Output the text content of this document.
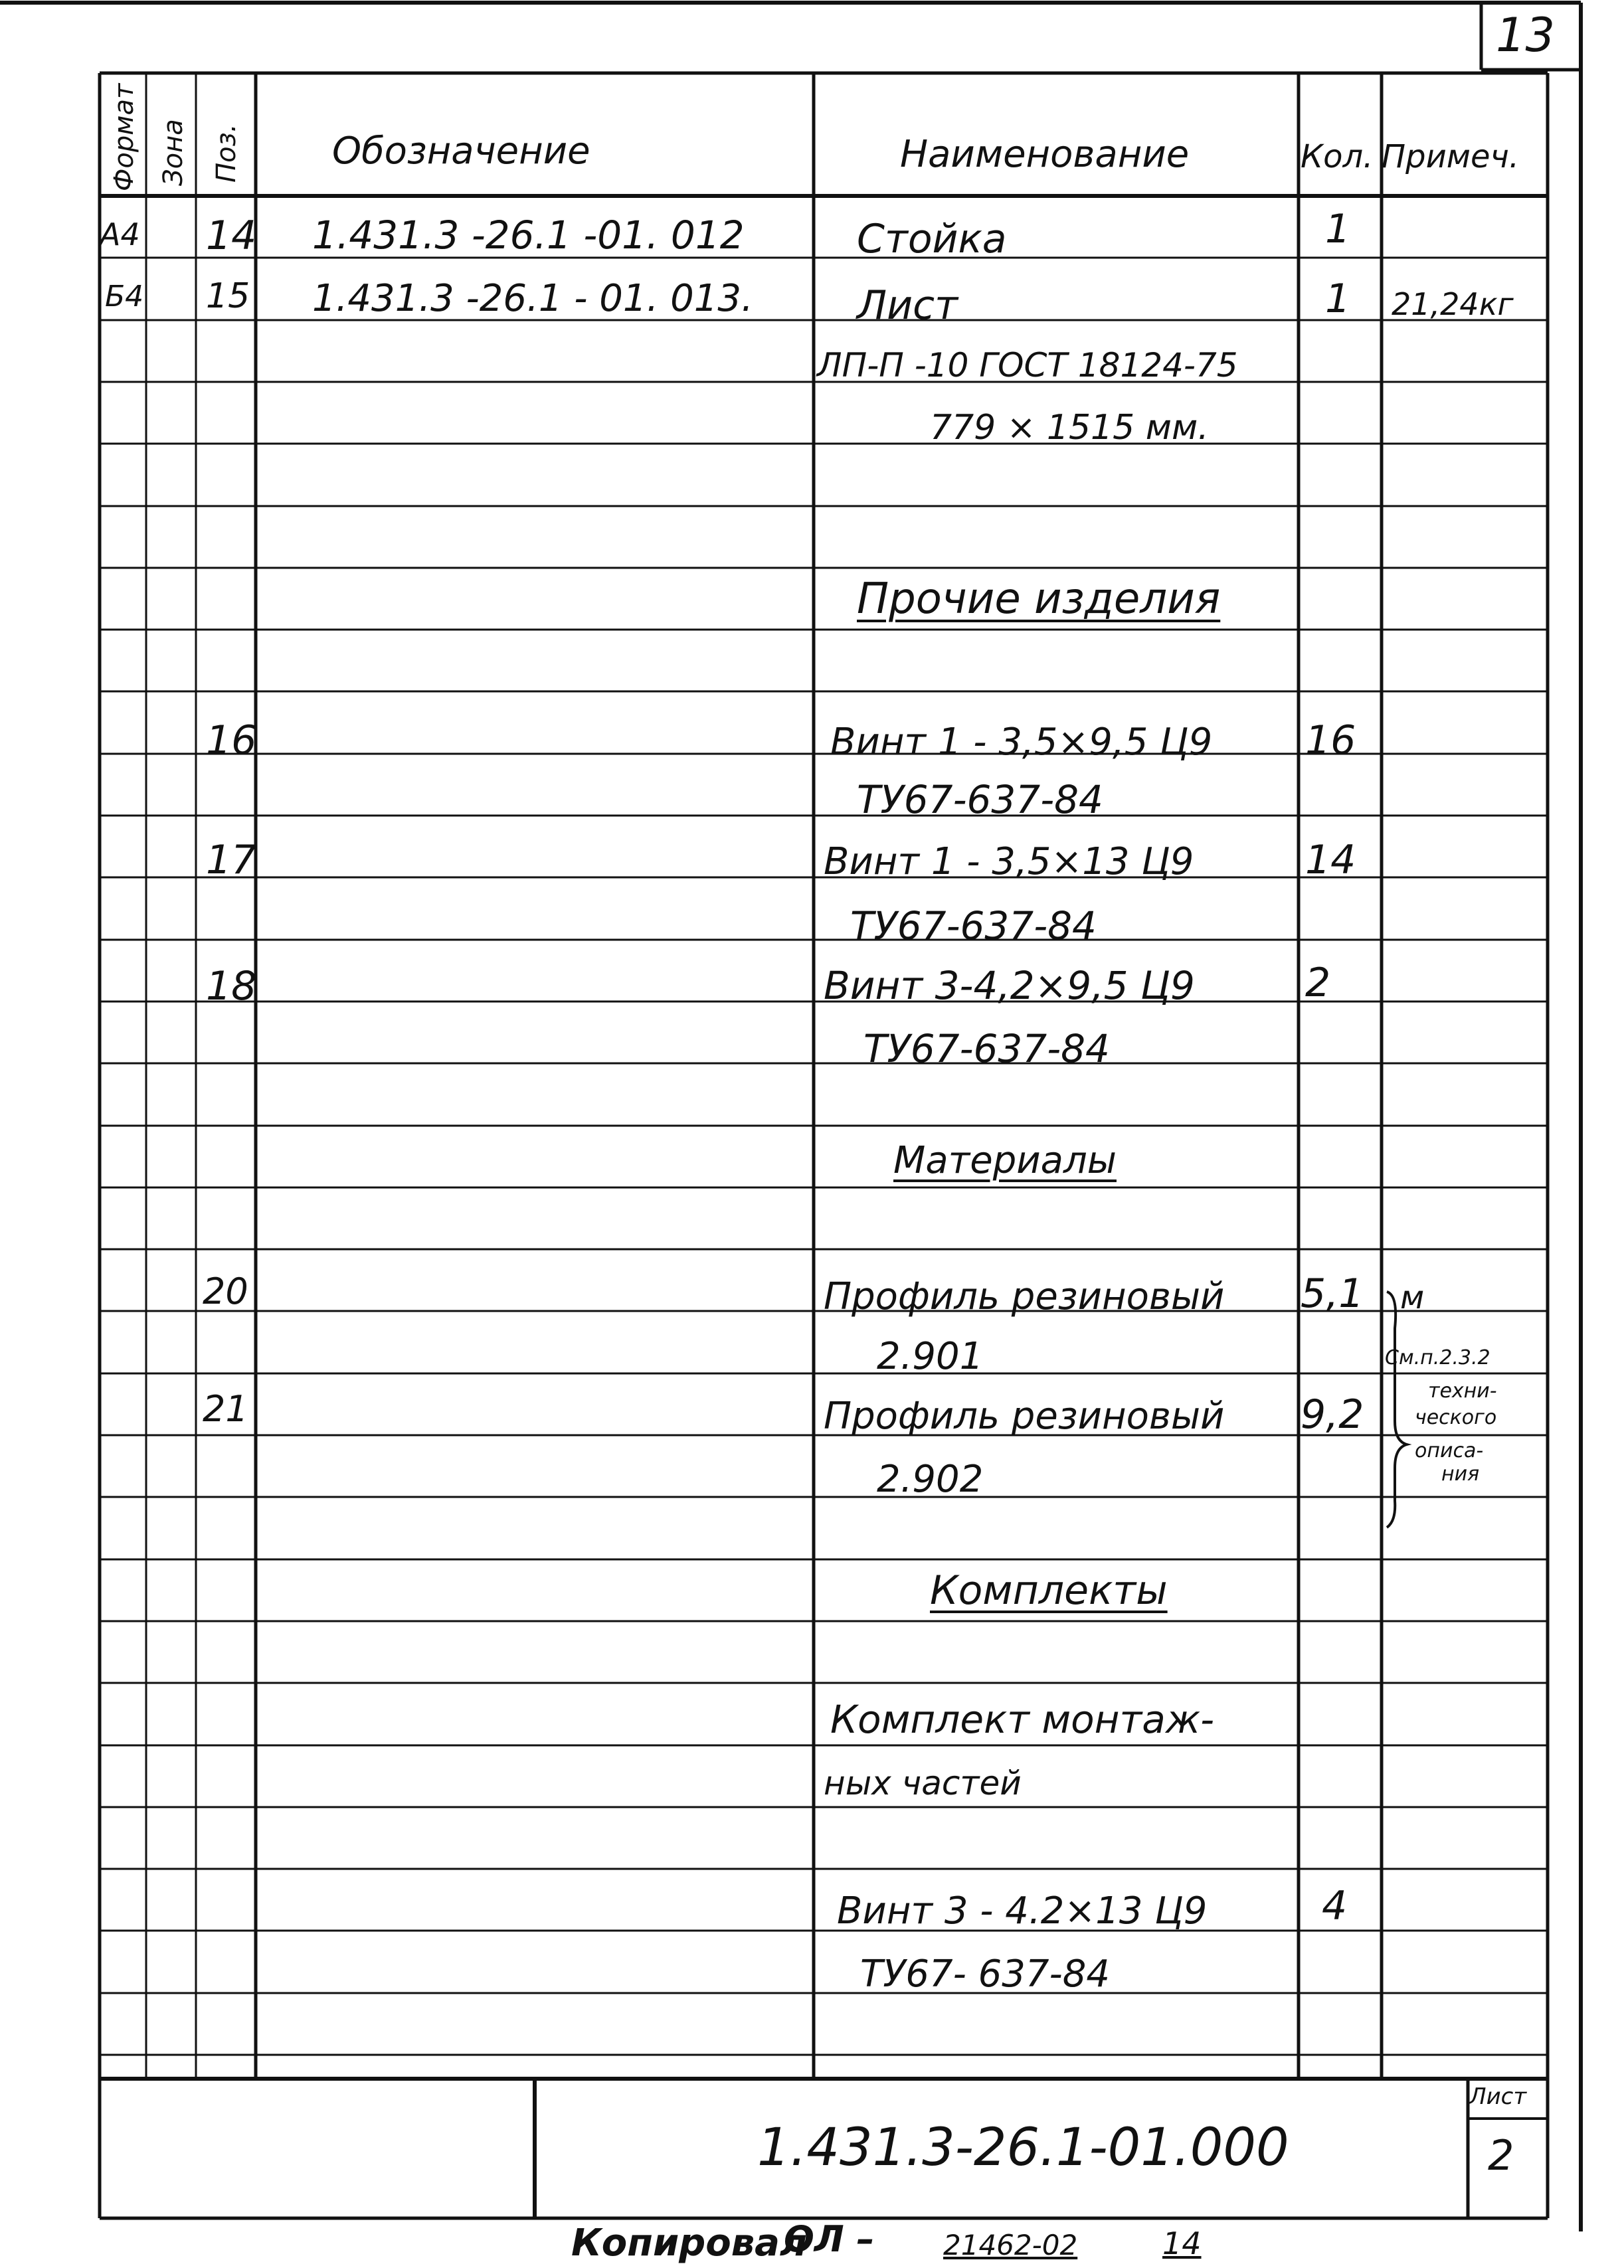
13
Формат Зона Поз. Обозначение	Наименование	Кол. Примеч.
А4 14 1.431.3 -26.1 -01. 012	Стойка	1
Б4 15 1.431.3 -26.1 - 01. 013.	Лист	1 21,24кг
ЛП-П -10 ГОСТ 18124-75
779 × 1515 мм.
Прочие изделия
16	Винт 1 - 3,5×9,5 Ц9 16
ТУ67-637-84
17	Винт 1 - 3,5×13 Ц9	14
ТУ67-637-84
18	Винт 3-4,2×9,5 Ц9	2
ТУ67-637-84
Материалы
20	Профиль резиновый 5,1 м
2.901
21	Профиль резиновый 9,2
2.902
См.п.2.3.2
техни-
ческого
описа-
ния
Комплекты
Комплект монтаж-
ных частей
Винт 3 - 4.2×13 Ц9	4
ТУ67- 637-84
1.431.3-26.1-01.000
Лист
2
Копировал
ОЛ – 21462-02	14
